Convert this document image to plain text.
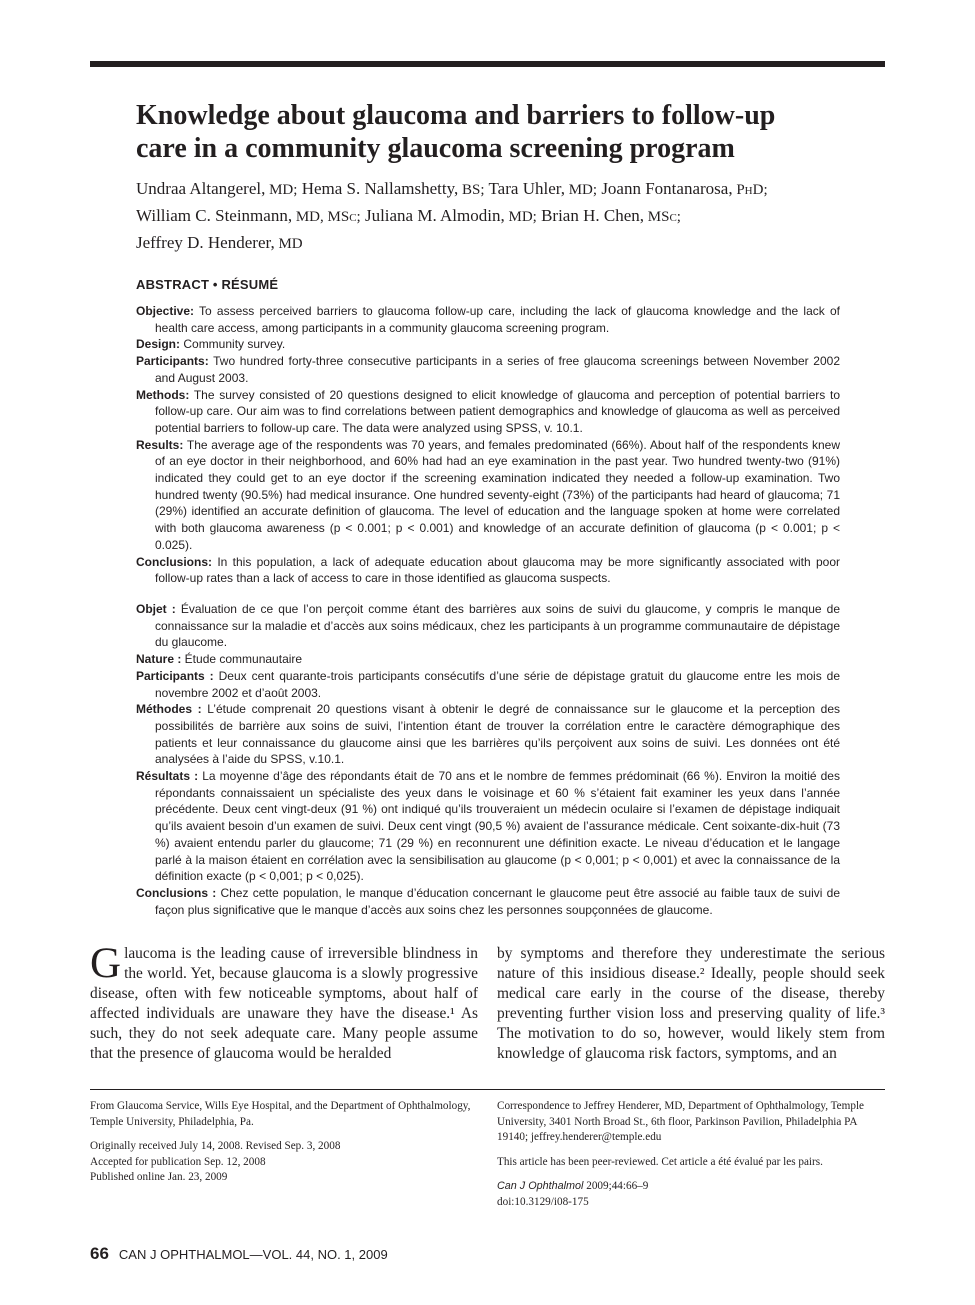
Knowledge about glaucoma and barriers to follow-up
care in a community glaucoma screening program
Undraa Altangerel, MD; Hema S. Nallamshetty, BS; Tara Uhler, MD; Joann Fontanarosa, PhD;
William C. Steinmann, MD, MSc; Juliana M. Almodin, MD; Brian H. Chen, MSc;
Jeffrey D. Henderer, MD
ABSTRACT • RÉSUMÉ

Objective: To assess perceived barriers to glaucoma follow-up care, including the lack of glaucoma knowledge and the lack of health care access, among participants in a community glaucoma screening program.

Design: Community survey.

Participants: Two hundred forty-three consecutive participants in a series of free glaucoma screenings between November 2002 and August 2003.

Methods: The survey consisted of 20 questions designed to elicit knowledge of glaucoma and perception of potential barriers to follow-up care. Our aim was to find correlations between patient demographics and knowledge of glaucoma as well as perceived potential barriers to follow-up care. The data were analyzed using SPSS, v. 10.1.

Results: The average age of the respondents was 70 years, and females predominated (66%). About half of the respondents knew of an eye doctor in their neighborhood, and 60% had had an eye examination in the past year. Two hundred twenty-two (91%) indicated they could get to an eye doctor if the screening examination indicated they needed a follow-up examination. Two hundred twenty (90.5%) had medical insurance. One hundred seventy-eight (73%) of the participants had heard of glaucoma; 71 (29%) identified an accurate definition of glaucoma. The level of education and the language spoken at home were correlated with both glaucoma awareness (p < 0.001; p < 0.001) and knowledge of an accurate definition of glaucoma (p < 0.001; p < 0.025).

Conclusions: In this population, a lack of adequate education about glaucoma may be more significantly associated with poor follow-up rates than a lack of access to care in those identified as glaucoma suspects.

Objet : Évaluation de ce que l’on perçoit comme étant des barrières aux soins de suivi du glaucome, y compris le manque de connaissance sur la maladie et d’accès aux soins médicaux, chez les participants à un programme communautaire de dépistage du glaucome.

Nature : Étude communautaire

Participants : Deux cent quarante-trois participants consécutifs d’une série de dépistage gratuit du glaucome entre les mois de novembre 2002 et d’août 2003.

Méthodes : L’étude comprenait 20 questions visant à obtenir le degré de connaissance sur le glaucome et la perception des possibilités de barrière aux soins de suivi, l’intention étant de trouver la corrélation entre le caractère démographique des patients et leur connaissance du glaucome ainsi que les barrières qu’ils perçoivent aux soins de suivi. Les données ont été analysées à l’aide du SPSS, v.10.1.

Résultats : La moyenne d’âge des répondants était de 70 ans et le nombre de femmes prédominait (66 %). Environ la moitié des répondants connaissaient un spécialiste des yeux dans le voisinage et 60 % s’étaient fait examiner les yeux dans l’année précédente. Deux cent vingt-deux (91 %) ont indiqué qu’ils trouveraient un médecin oculaire si l’examen de dépistage indiquait qu’ils avaient besoin d’un examen de suivi. Deux cent vingt (90,5 %) avaient de l’assurance médicale. Cent soixante-dix-huit (73 %) avaient entendu parler du glaucome; 71 (29 %) en reconnurent une définition exacte. Le niveau d’éducation et le langage parlé à la maison étaient en corrélation avec la sensibilisation au glaucome (p < 0,001; p < 0,001) et avec la connaissance de la définition exacte (p < 0,001; p < 0,025).

Conclusions : Chez cette population, le manque d’éducation concernant le glaucome peut être associé au faible taux de suivi de façon plus significative que le manque d’accès aux soins chez les personnes soupçonnées de glaucome.

Glaucoma is the leading cause of irreversible blindness in the world. Yet, because glaucoma is a slowly progressive disease, often with few noticeable symptoms, about half of affected individuals are unaware they have the disease.¹ As such, they do not seek adequate care. Many people assume that the presence of glaucoma would be heralded
by symptoms and therefore they underestimate the serious nature of this insidious disease.² Ideally, people should seek medical care early in the course of the disease, thereby preventing further vision loss and preserving quality of life.³ The motivation to do so, however, would likely stem from knowledge of glaucoma risk factors, symptoms, and an

From Glaucoma Service, Wills Eye Hospital, and the Department of Ophthalmology, Temple University, Philadelphia, Pa.

Originally received July 14, 2008. Revised Sep. 3, 2008
Accepted for publication Sep. 12, 2008
Published online Jan. 23, 2009

Correspondence to Jeffrey Henderer, MD, Department of Ophthalmology, Temple University, 3401 North Broad St., 6th floor, Parkinson Pavilion, Philadelphia PA 19140; jeffrey.henderer@temple.edu

This article has been peer-reviewed. Cet article a été évalué par les pairs.

Can J Ophthalmol 2009;44:66–9
doi:10.3129/i08-175

66 CAN J OPHTHALMOL—VOL. 44, NO. 1, 2009
